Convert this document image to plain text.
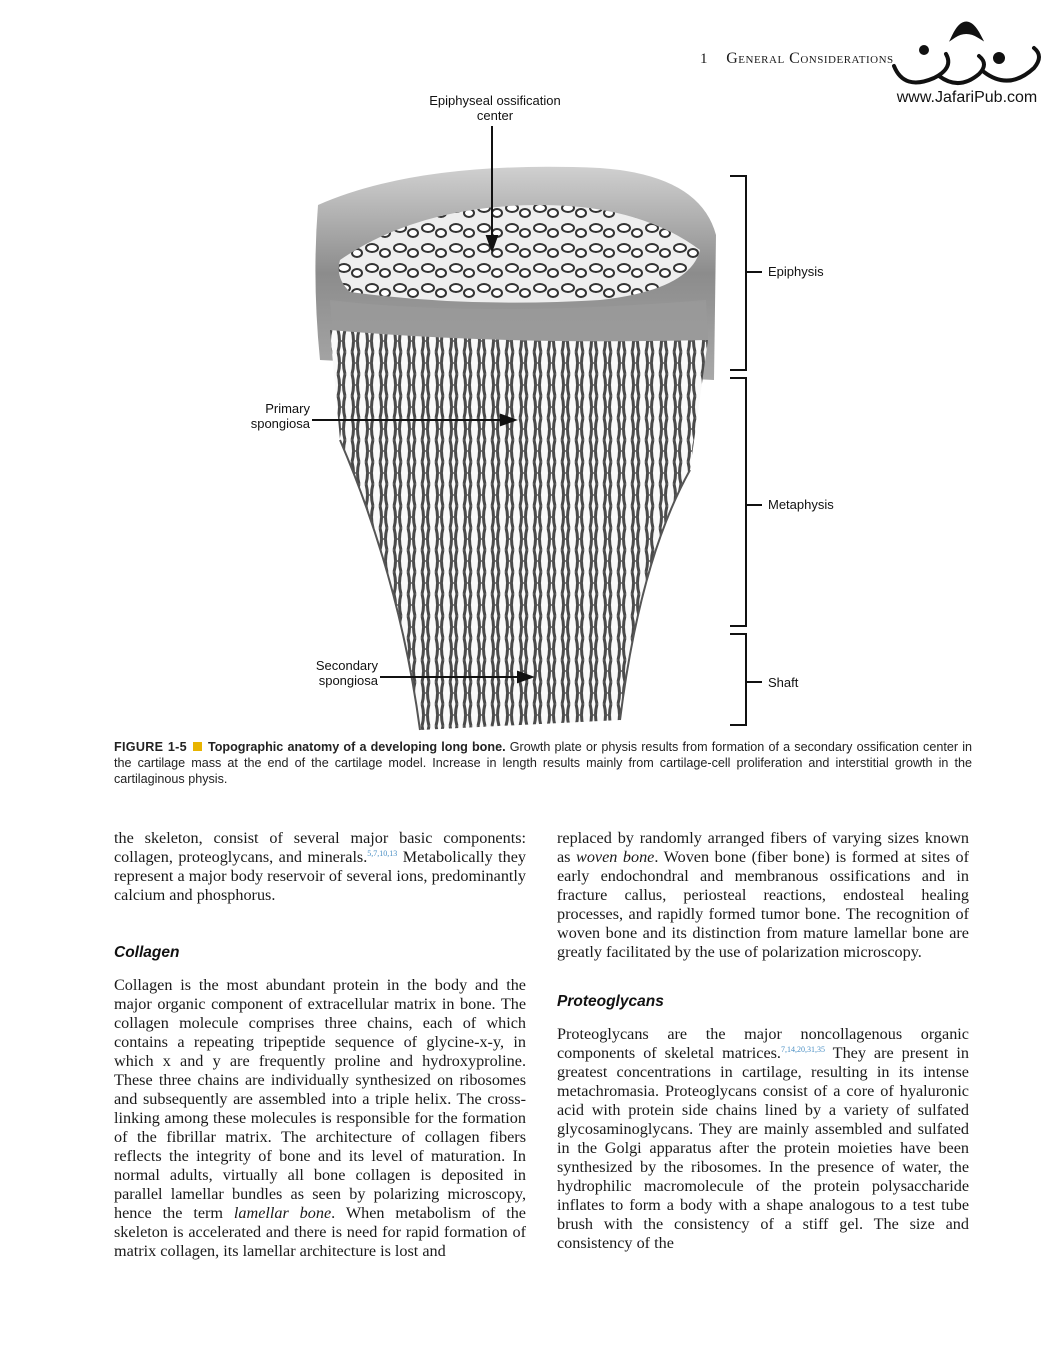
1 General Considerations
www.JafariPub.com
Epiphyseal ossification center
Primary spongiosa
Secondary spongiosa
Epiphysis
Metaphysis
Shaft
FIGURE 1-5 Topographic anatomy of a developing long bone. Growth plate or physis results from formation of a secondary ossification center in the cartilage mass at the end of the cartilage model. Increase in length results mainly from cartilage-cell proliferation and interstitial growth in the cartilaginous physis.

the skeleton, consist of several major basic components: collagen, proteoglycans, and minerals.$^{5,7,10,13}$ Metabolically they represent a major body reservoir of several ions, predominantly calcium and phosphorus.

Collagen

Collagen is the most abundant protein in the body and the major organic component of extracellular matrix in bone. The collagen molecule comprises three chains, each of which contains a repeating tripeptide sequence of glycine-x-y, in which x and y are frequently proline and hydroxyproline. These three chains are individually synthesized on ribosomes and subsequently are assembled into a triple helix. The cross-linking among these molecules is responsible for the formation of the fibrillar matrix. The architecture of collagen fibers reflects the integrity of bone and its level of maturation. In normal adults, virtually all bone collagen is deposited in parallel lamellar bundles as seen by polarizing microscopy, hence the term lamellar bone. When metabolism of the skeleton is accelerated and there is need for rapid formation of matrix collagen, its lamellar architecture is lost and

replaced by randomly arranged fibers of varying sizes known as woven bone. Woven bone (fiber bone) is formed at sites of early endochondral and membranous ossifications and in fracture callus, periosteal reactions, endosteal healing processes, and rapidly formed tumor bone. The recognition of woven bone and its distinction from mature lamellar bone are greatly facilitated by the use of polarization microscopy.

Proteoglycans

Proteoglycans are the major noncollagenous organic components of skeletal matrices.$^{7,14,20,31,35}$ They are present in greatest concentrations in cartilage, resulting in its intense metachromasia. Proteoglycans consist of a core of hyaluronic acid with protein side chains lined by a variety of sulfated glycosaminoglycans. They are mainly assembled and sulfated in the Golgi apparatus after the protein moieties have been synthesized by the ribosomes. In the presence of water, the hydrophilic macromolecule of the protein polysaccharide inflates to form a body with a shape analogous to a test tube brush with the consistency of a stiff gel. The size and consistency of the
